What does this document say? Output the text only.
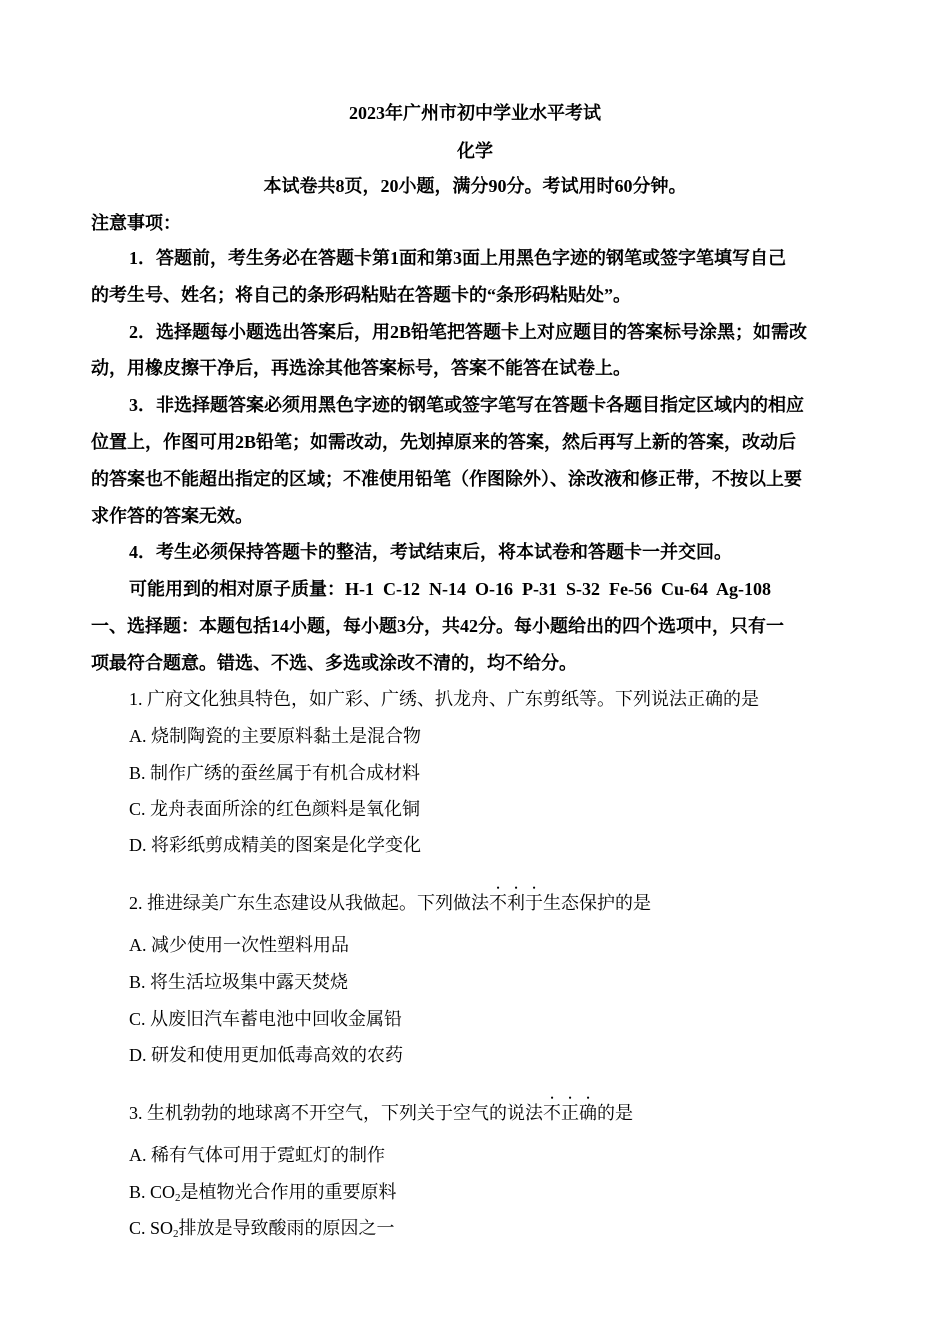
2023年广州市初中学业水平考试
化学
本试卷共8页，20小题，满分90分。考试用时60分钟。
注意事项：
1．答题前，考生务必在答题卡第1面和第3面上用黑色字迹的钢笔或签字笔填写自己
的考生号、姓名；将自己的条形码粘贴在答题卡的“条形码粘贴处”。
2．选择题每小题选出答案后，用2B铅笔把答题卡上对应题目的答案标号涂黑；如需改
动，用橡皮擦干净后，再选涂其他答案标号，答案不能答在试卷上。
3．非选择题答案必须用黑色字迹的钢笔或签字笔写在答题卡各题目指定区域内的相应
位置上，作图可用2B铅笔；如需改动，先划掉原来的答案，然后再写上新的答案，改动后
的答案也不能超出指定的区域；不准使用铅笔（作图除外）、涂改液和修正带，不按以上要
求作答的答案无效。
4．考生必须保持答题卡的整洁，考试结束后，将本试卷和答题卡一并交回。
可能用到的相对原子质量：H-1  C-12  N-14  O-16  P-31  S-32  Fe-56  Cu-64  Ag-108
一、选择题：本题包括14小题，每小题3分，共42分。每小题给出的四个选项中，只有一
项最符合题意。错选、不选、多选或涂改不清的，均不给分。
1. 广府文化独具特色，如广彩、广绣、扒龙舟、广东剪纸等。下列说法正确的是
A. 烧制陶瓷的主要原料黏土是混合物
B. 制作广绣的蚕丝属于有机合成材料
C. 龙舟表面所涂的红色颜料是氧化铜
D. 将彩纸剪成精美的图案是化学变化
2. 推进绿美广东生态建设从我做起。下列做法不利于生态保护的是
A. 减少使用一次性塑料用品
B. 将生活垃圾集中露天焚烧
C. 从废旧汽车蓄电池中回收金属铅
D. 研发和使用更加低毒高效的农药
3. 生机勃勃的地球离不开空气，下列关于空气的说法不正确的是
A. 稀有气体可用于霓虹灯的制作
B. $CO_2$是植物光合作用的重要原料
C. $SO_2$排放是导致酸雨的原因之一
